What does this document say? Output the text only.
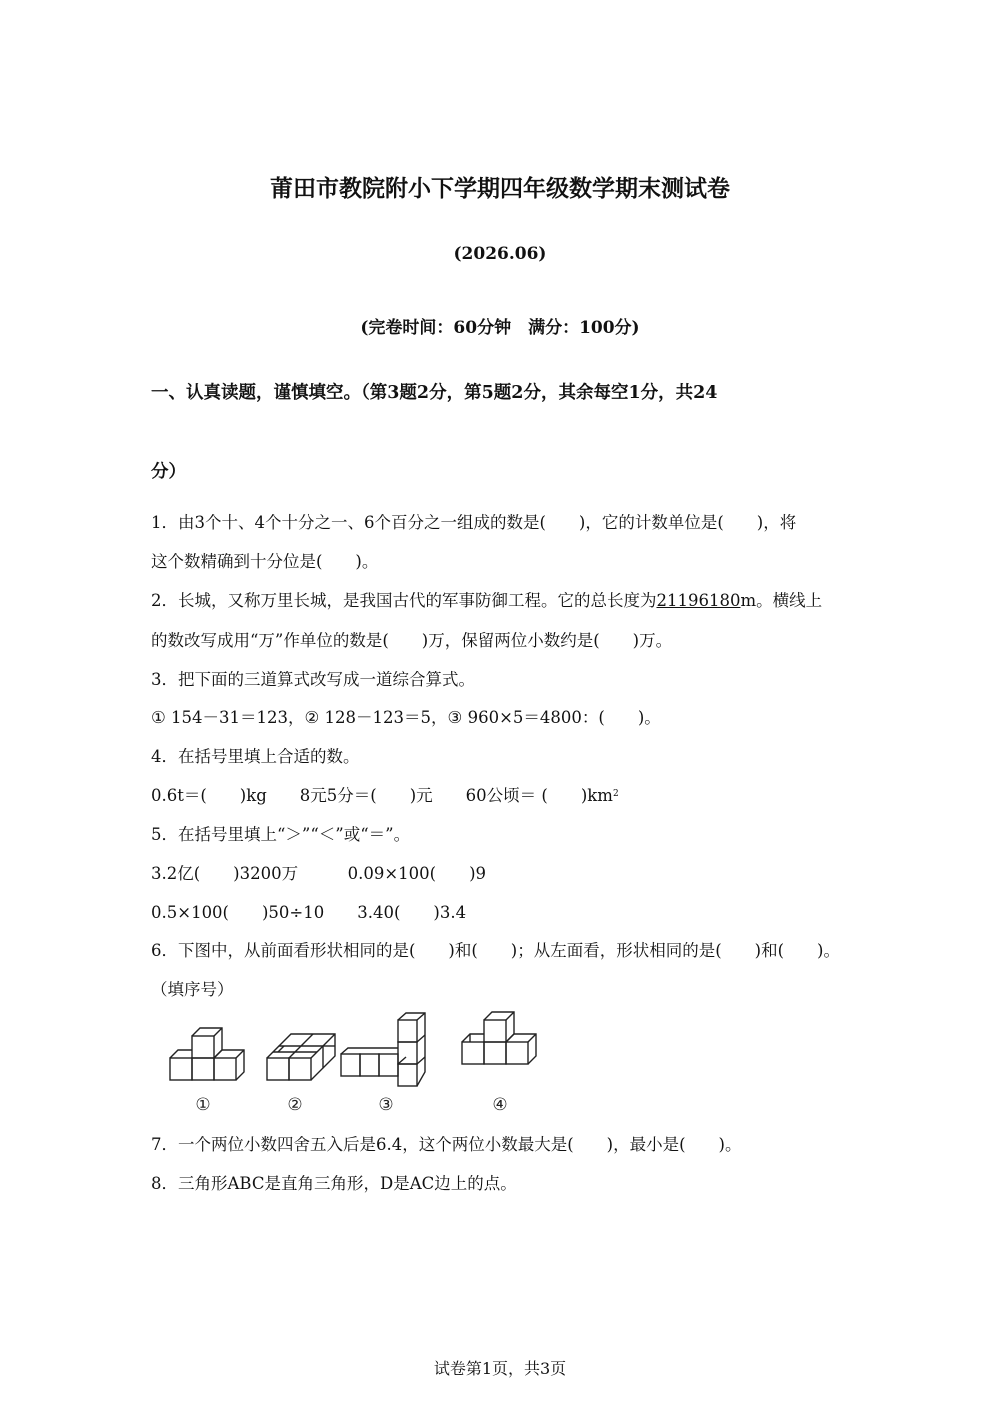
莆田市教院附小下学期四年级数学期末测试卷
(2026.06)
(完卷时间：60分钟　满分：100分)
一、认真读题，谨慎填空。（第3题2分，第5题2分，其余每空1分，共24
分）
1．由3个十、4个十分之一、6个百分之一组成的数是(　　)，它的计数单位是(　　)，将
这个数精确到十分位是(　　)。
2．长城，又称万里长城，是我国古代的军事防御工程。它的总长度为21196180m。横线上
的数改写成用“万”作单位的数是(　　)万，保留两位小数约是(　　)万。
3．把下面的三道算式改写成一道综合算式。
① 154－31＝123，② 128－123＝5，③ 960×5＝4800：(　　)。
4．在括号里填上合适的数。
0.6t＝(　　)kg　　8元5分＝(　　)元　　60公顷＝ (　　)$km^2$
5．在括号里填上“＞”“＜”或“＝”。
3.2亿(　　)3200万　　　0.09×100(　　)9
0.5×100(　　)50÷10　　3.40(　　)3.4
6．下图中，从前面看形状相同的是(　　)和(　　)；从左面看，形状相同的是(　　)和(　　)。
（填序号）
①	②	③	④
7．一个两位小数四舍五入后是6.4，这个两位小数最大是(　　)，最小是(　　)。
8．三角形ABC是直角三角形，D是AC边上的点。
试卷第1页，共3页
